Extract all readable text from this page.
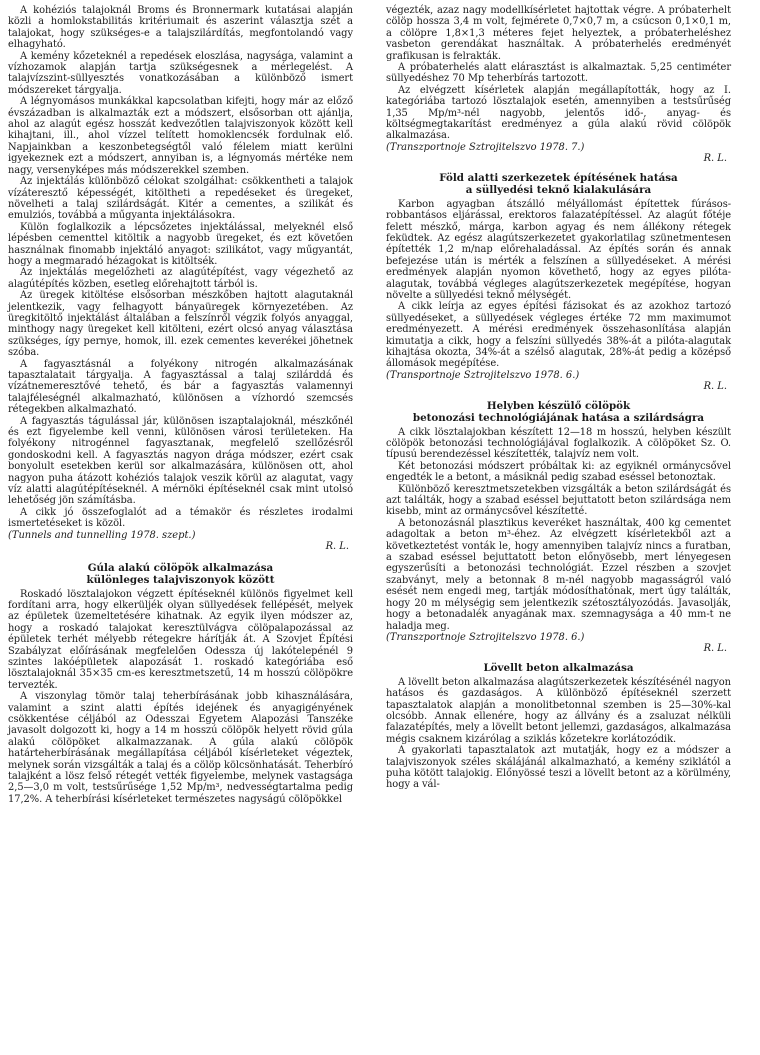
A kohéziós talajoknál Broms és Bronnermark kutatásai alapján közli a homlokstabilitás kritériumait és aszerint választja szét a talajokat, hogy szükséges-e a talajszilárdítás, megfontolandó vagy elhagyható.

A kemény kőzeteknél a repedések eloszlása, nagysága, valamint a vízhozamok alapján tartja szükségesnek a mérlegelést. A talajvízszint-süllyesztés vonatkozásában a különböző ismert módszereket tárgyalja.

A légnyomásos munkákkal kapcsolatban kifejti, hogy már az előző évszázadban is alkalmazták ezt a módszert, elsősorban ott ajánlja, ahol az alagút egész hosszát kedvezőtlen talajviszonyok között kell kihajtani, ill., ahol vízzel telített homoklencsék fordulnak elő. Napjainkban a keszonbetegségtől való félelem miatt kerülni igyekeznek ezt a módszert, annyiban is, a légnyomás mértéke nem nagy, versenyképes más módszerekkel szemben.

Az injektálás különböző célokat szolgálhat: csökkentheti a talajok vízáteresztő képességét, kitöltheti a repedéseket és üregeket, növelheti a talaj szilárdságát. Kitér a cementes, a szilikát és emulziós, továbbá a műgyanta injektálásokra.

Külön foglalkozik a lépcsőzetes injektálással, melyeknél első lépésben cementtel kitöltik a nagyobb üregeket, és ezt követően használnak finomabb injektáló anyagot: szilikátot, vagy műgyantát, hogy a megmaradó hézagokat is kitöltsék.

Az injektálás megelőzheti az alagútépítést, vagy végezhető az alagútépítés közben, esetleg előrehajtott tárból is.

Az üregek kitöltése elsősorban mészkőben hajtott alagutaknál jelentkezik, vagy felhagyott bányaüregek környezetében. Az üregkitöltő injektálást általában a felszínről végzik folyós anyaggal, minthogy nagy üregeket kell kitölteni, ezért olcsó anyag választása szükséges, így pernye, homok, ill. ezek cementes keverékei jöhetnek szóba.

A fagyasztásnál a folyékony nitrogén alkalmazásának tapasztalatait tárgyalja. A fagyasztással a talaj szilárddá és vízátnemeresztővé tehető, és bár a fagyasztás valamennyi talajféleségnél alkalmazható, különösen a vízhordó szemcsés rétegekben alkalmazható.

A fagyasztás tágulással jár, különösen iszaptalajoknál, mészkőnél és ezt figyelembe kell venni, különösen városi területeken. Ha folyékony nitrogénnel fagyasztanak, megfelelő szellőzésről gondoskodni kell. A fagyasztás nagyon drága módszer, ezért csak bonyolult esetekben kerül sor alkalmazására, különösen ott, ahol nagyon puha átázott kohéziós talajok veszik körül az alagutat, vagy víz alatti alagútépítéseknél. A mérnöki építéseknél csak mint utolsó lehetőség jön számításba.

A cikk jó összefoglalót ad a témakör és részletes irodalmi ismertetéseket is közöl.

(Tunnels and tunnelling 1978. szept.)
R. L.
Gúla alakú cölöpök alkalmazása
különleges talajviszonyok között

Roskadó lösztalajokon végzett építéseknél különös figyelmet kell fordítani arra, hogy elkerüljék olyan süllyedések fellépését, melyek az épületek üzemeltetésére kihatnak. Az egyik ilyen módszer az, hogy a roskadó talajokat keresztülvágva cölöpalapozással az épületek terhét mélyebb rétegekre hárítják át. A Szovjet Építési Szabályzat előírásának megfelelően Odessza új lakótelepénél 9 szintes lakóépületek alapozását 1. roskadó kategóriába eső lösztalajoknál 35×35 cm-es keresztmetszetű, 14 m hosszú cölöpökre tervezték.

A viszonylag tömör talaj teherbírásának jobb kihasználására, valamint a szint alatti építés idejének és anyagigényének csökkentése céljából az Odesszai Egyetem Alapozási Tanszéke javasolt dolgozott ki, hogy a 14 m hosszú cölöpök helyett rövid gúla alakú cölöpöket alkalmazzanak. A gúla alakú cölöpök határteherbírásának megállapítása céljából kísérleteket végeztek, melynek során vizsgálták a talaj és a cölöp kölcsönhatását. Teherbíró talajként a lösz felső rétegét vették figyelembe, melynek vastagsága 2,5—3,0 m volt, testsűrűsége 1,52 Mp/m³, nedvességtartalma pedig 17,2%. A teherbírási kísérleteket természetes nagyságú cölöpökkel

végezték, azaz nagy modellkísérletet hajtottak végre. A próbaterhelt cölöp hossza 3,4 m volt, fejméretе 0,7×0,7 m, a csúcson 0,1×0,1 m, a cölöpre 1,8×1,3 méteres fejet helyeztek, a próbaterheléshez vasbeton gerendákat használtak. A próbaterhelés eredményét grafikusan is felrakták.

A próbaterhelés alatt elárasztást is alkalmaztak. 5,25 centiméter süllyedéshez 70 Mp teherbírás tartozott.

Az elvégzett kísérletek alapján megállapították, hogy az I. kategóriába tartozó lösztalajok esetén, amennyiben a testsűrűség 1,35 Mp/m³-nél nagyobb, jelentős idő-, anyag- és költségmegtakarítást eredményez a gúla alakú rövid cölöpök alkalmazása.

(Transzportnoje Sztrojitelszvo 1978. 7.)
R. L.
Föld alatti szerkezetek építésének hatása
a süllyedési teknő kialakulására

Karbon agyagban átszálló mélyállomást építettek fúrásos-robbantásos eljárással, erektoros falazatépítéssel. Az alagút főtéje felett mészkő, márga, karbon agyag és nem állékony rétegek feküdtek. Az egész alagútszerkezetet gyakorlatilag szünetmentesen építették 1,2 m/nap előrehaladással. Az építés során és annak befejezése után is mérték a felszínen a süllyedéseket. A mérési eredmények alapján nyomon követhető, hogy az egyes pilóta-alagutak, továbbá végleges alagútszerkezetek megépítése, hogyan növelte a süllyedési teknő mélységét.

A cikk leírja az egyes építési fázisokat és az azokhoz tartozó süllyedéseket, a süllyedések végleges értéke 72 mm maximumot eredményezett. A mérési eredmények összehasonlítása alapján kimutatja a cikk, hogy a felszíni süllyedés 38%-át a pilóta-alagutak kihajtása okozta, 34%-át a szélső alagutak, 28%-át pedig a középső állomások megépítése.

(Transportnoje Sztrojitelszvo 1978. 6.)
R. L.
Helyben készülő cölöpök
betonozási technológiájának hatása a szilárdságra

A cikk lösztalajokban készített 12—18 m hosszú, helyben készült cölöpök betonozási technológiájával foglalkozik. A cölöpöket Sz. O. típusú berendezéssel készítették, talajvíz nem volt.

Két betonozási módszert próbáltak ki: az egyiknél ormánycsővel engedték le a betont, a másiknál pedig szabad eséssel betonoztak.

Különböző keresztmetszetekben vizsgálták a beton szilárdságát és azt találták, hogy a szabad eséssel bejuttatott beton szilárdsága nem kisebb, mint az ormánycsővel készítetté.

A betonozásnál plasztikus keveréket használtak, 400 kg cementet adagoltak a beton m³-éhez. Az elvégzett kísérletekből azt a következtetést vonták le, hogy amennyiben talajvíz nincs a furatban, a szabad eséssel bejuttatott beton előnyösebb, mert lényegesen egyszerűsíti a betonozási technológiát. Ezzel részben a szovjet szabványt, mely a betonnak 8 m-nél nagyobb magasságról való esését nem engedi meg, tartják módosíthatónak, mert úgy találták, hogy 20 m mélységig sem jelentkezik szétosztályozódás. Javasolják, hogy a betonadalék anyagának max. szemnagysága a 40 mm-t ne haladja meg.

(Transzportnoje Sztrojitelszvo 1978. 6.)
R. L.
Lövellt beton alkalmazása

A lövellt beton alkalmazása alagútszerkezetek készítésénél nagyon hatásos és gazdaságos. A különböző építéseknél szerzett tapasztalatok alapján a monolitbetonnal szemben is 25—30%-kal olcsóbb. Annak ellenére, hogy az állvány és a zsaluzat nélküli falazatépítés, mely a lövellt betont jellemzi, gazdaságos, alkalmazása mégis csaknem kizárólag a sziklás kőzetekre korlátozódik.

A gyakorlati tapasztalatok azt mutatják, hogy ez a módszer a talajviszonyok széles skálájánál alkalmazható, a kemény sziklától a puha kötött talajokig. Előnyössé teszi a lövellt betont az a körülmény, hogy a vál-
